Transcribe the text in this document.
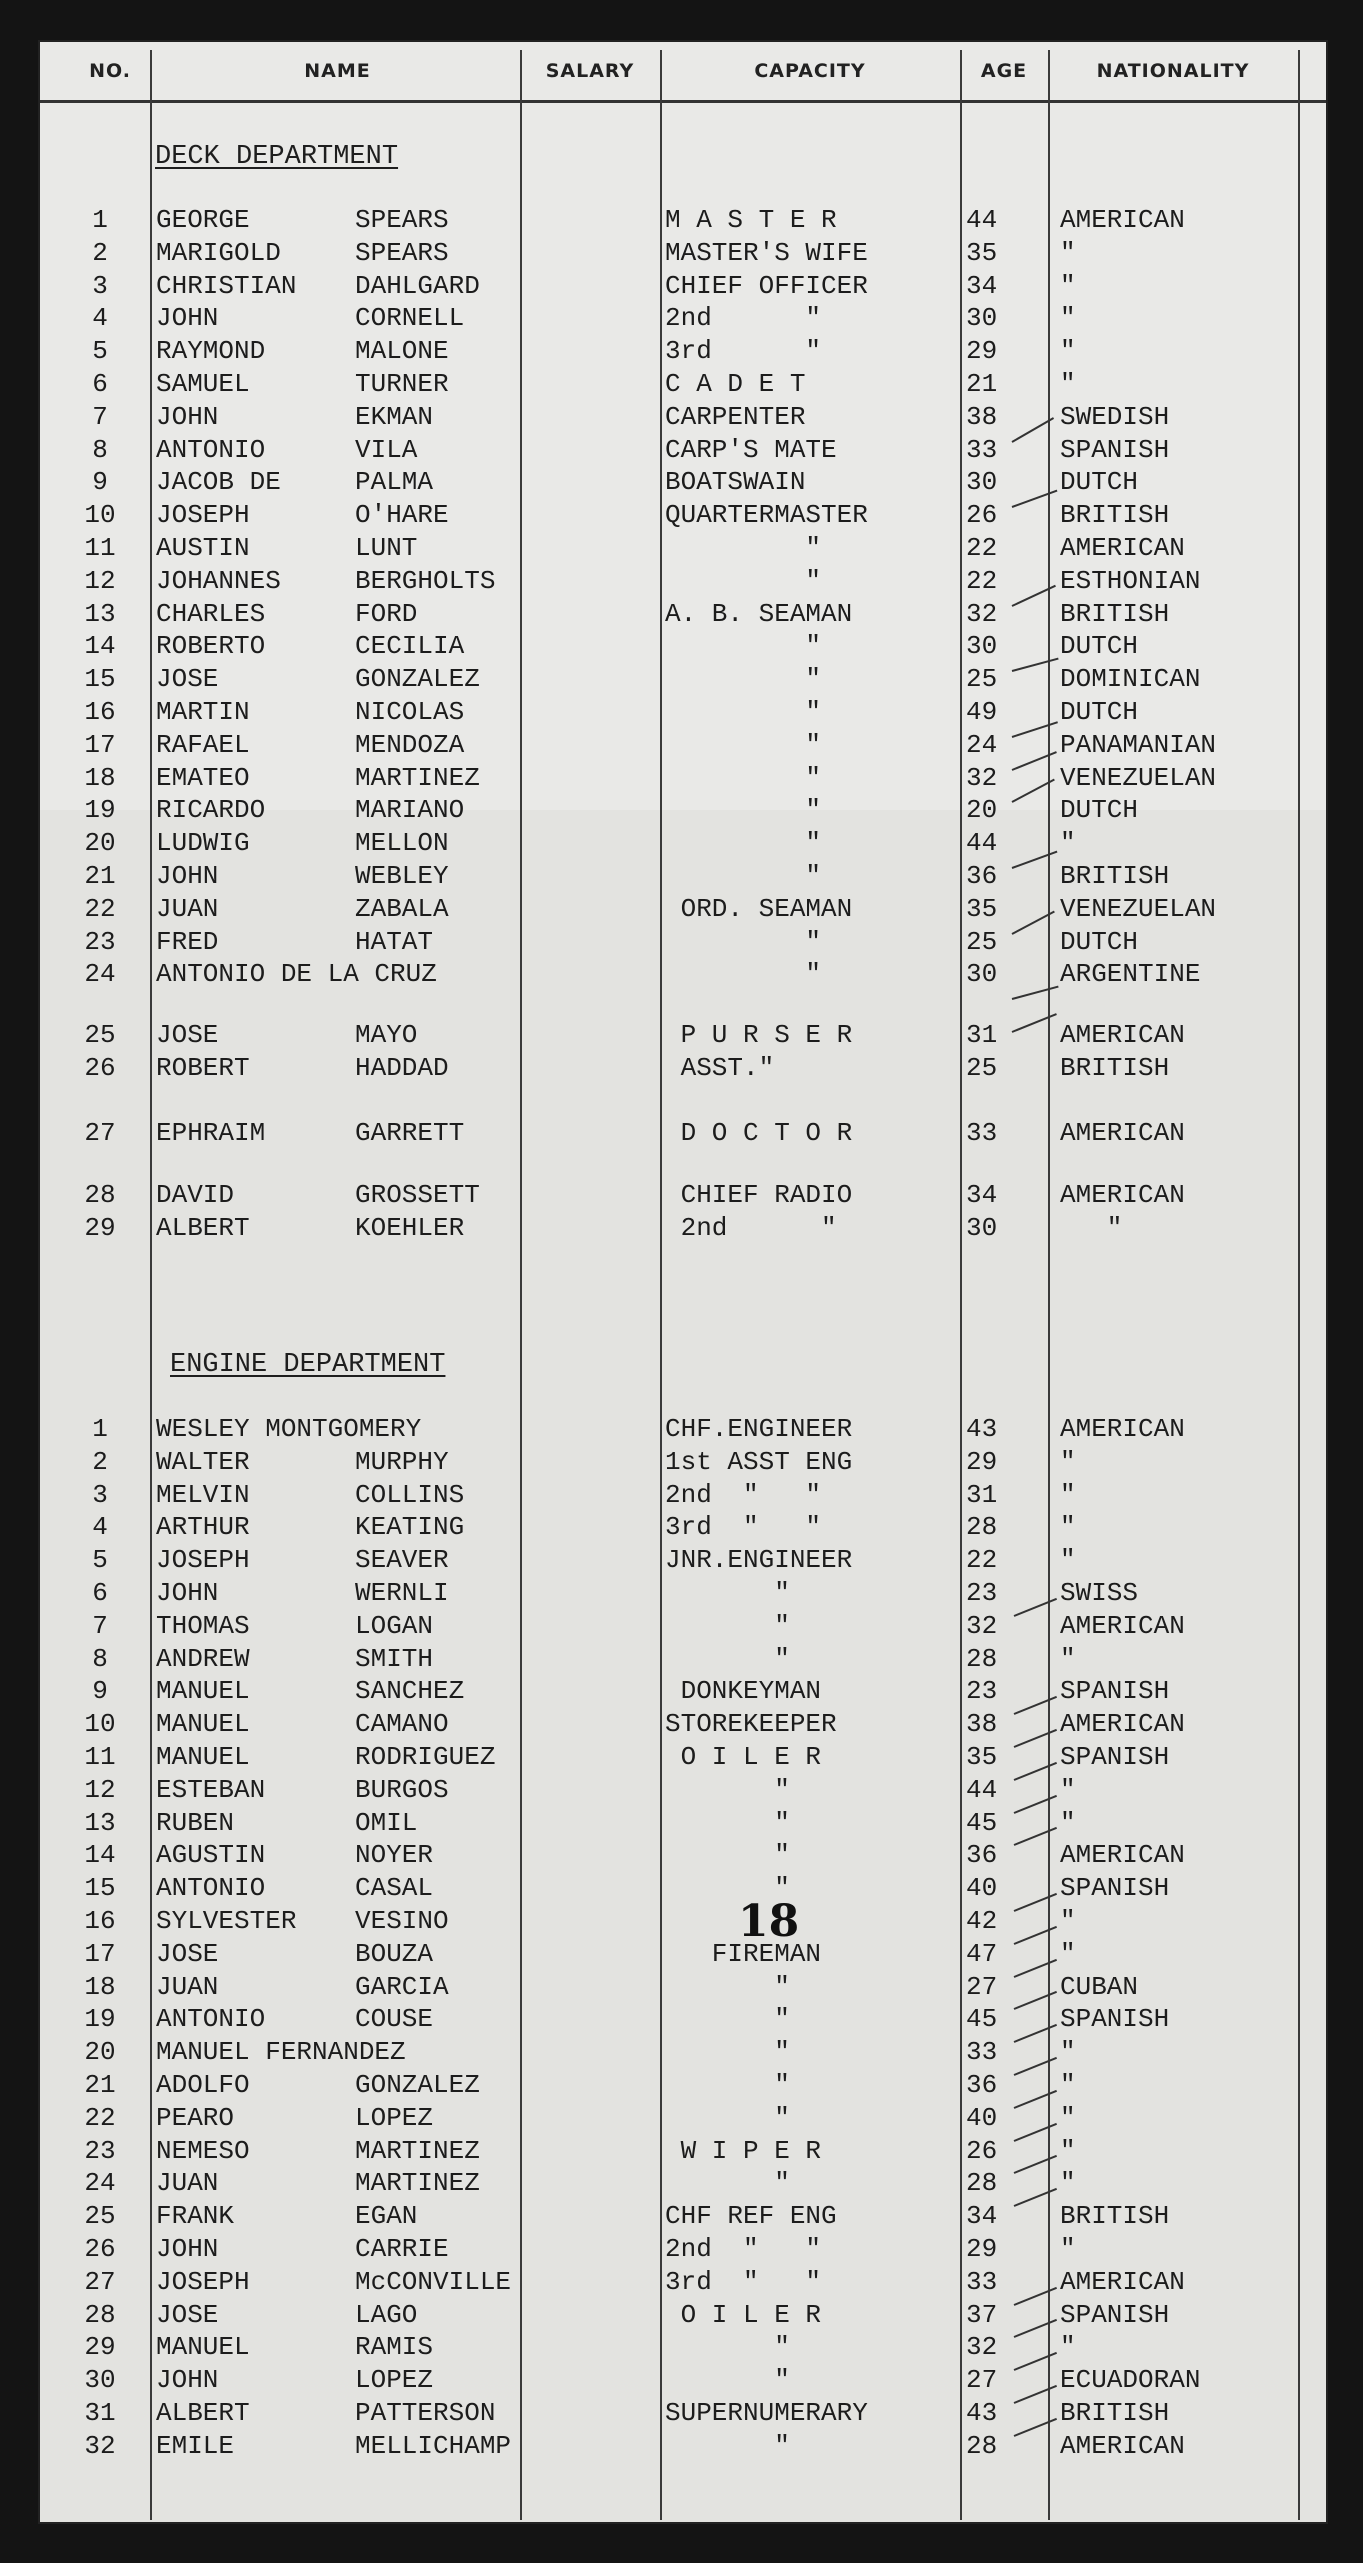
NO.	NAME	SALARY	CAPACITY	AGE	NATIONALITY
DECK DEPARTMENT
ENGINE DEPARTMENT
1	GEORGE	SPEARS	M A S T E R	44 AMERICAN
2	MARIGOLD	SPEARS	MASTER'S WIFE	35 "
3	CHRISTIAN DAHLGARD	CHIEF OFFICER	34 "
4	JOHN	CORNELL	2nd      "	30 "
5	RAYMOND	MALONE	3rd      "	29 "
6	SAMUEL	TURNER	C A D E T	21 "
7	JOHN	EKMAN	CARPENTER	38 SWEDISH
8	ANTONIO	VILA	CARP'S MATE	33 SPANISH
9	JACOB DE	PALMA	BOATSWAIN	30 DUTCH
10	JOSEPH	O'HARE	QUARTERMASTER	26 BRITISH
11	AUSTIN	LUNT	"	22 AMERICAN
12	JOHANNES	BERGHOLTS	"	22 ESTHONIAN
13	CHARLES	FORD	A. B. SEAMAN	32 BRITISH
14	ROBERTO	CECILIA	"	30 DUTCH
15	JOSE	GONZALEZ	"	25 DOMINICAN
16	MARTIN	NICOLAS	"	49 DUTCH
17	RAFAEL	MENDOZA	"	24 PANAMANIAN
18	EMATEO	MARTINEZ	"	32 VENEZUELAN
19	RICARDO	MARIANO	"	20 DUTCH
20	LUDWIG	MELLON	"	44 "
21	JOHN	WEBLEY	"	36 BRITISH
22	JUAN	ZABALA	ORD. SEAMAN	35 VENEZUELAN
23	FRED	HATAT	"	25 DUTCH
24	ANTONIO DE LA CRUZ	"	30 ARGENTINE
25	JOSE	MAYO	P U R S E R	31 AMERICAN
26	ROBERT	HADDAD	ASST."	25 BRITISH
27	EPHRAIM	GARRETT	D O C T O R	33 AMERICAN
28	DAVID	GROSSETT	CHIEF RADIO	34 AMERICAN
29	ALBERT	KOEHLER	2nd      "	30 "
1	WESLEY MONTGOMERY	CHF.ENGINEER	43 AMERICAN
2	WALTER	MURPHY	1st ASST ENG	29 "
3	MELVIN	COLLINS	2nd  "   "	31 "
4	ARTHUR	KEATING	3rd  "   "	28 "
5	JOSEPH	SEAVER	JNR.ENGINEER	22 "
6	JOHN	WERNLI	"	23 SWISS
7	THOMAS	LOGAN	"	32 AMERICAN
8	ANDREW	SMITH	"	28 "
9	MANUEL	SANCHEZ	DONKEYMAN	23 SPANISH
10	MANUEL	CAMANO	STOREKEEPER	38 AMERICAN
11	MANUEL	RODRIGUEZ	O I L E R	35 SPANISH
12	ESTEBAN	BURGOS	"	44 "
13	RUBEN	OMIL	"	45 "
14	AGUSTIN	NOYER	"	36 AMERICAN
15	ANTONIO	CASAL	"	40 SPANISH
16	SYLVESTER VESINO	42 "
17	JOSE	BOUZA	FIREMAN	47 "
18	JUAN	GARCIA	"	27 CUBAN
19	ANTONIO	COUSE	"	45 SPANISH
20	MANUEL FERNANDEZ	"	33 "
21	ADOLFO	GONZALEZ	"	36 "
22	PEARO	LOPEZ	"	40 "
23	NEMESO	MARTINEZ	W I P E R	26 "
24	JUAN	MARTINEZ	"	28 "
25	FRANK	EGAN	CHF REF ENG	34 BRITISH
26	JOHN	CARRIE	2nd  "   "	29 "
27	JOSEPH	McCONVILLE	3rd  "   "	33 AMERICAN
28	JOSE	LAGO	O I L E R	37 SPANISH
29	MANUEL	RAMIS	"	32 "
30	JOHN	LOPEZ	"	27 ECUADORAN
31	ALBERT	PATTERSON	SUPERNUMERARY	43 BRITISH
32	EMILE	MELLICHAMP	"	28 AMERICAN
18
